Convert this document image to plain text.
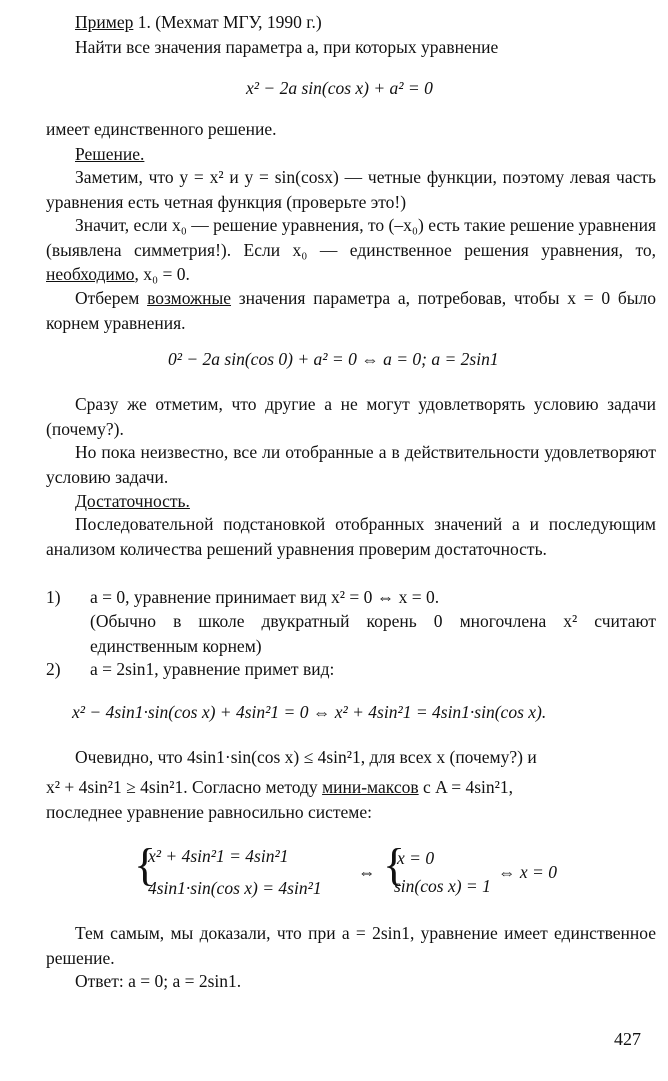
Пример 1. (Мехмат МГУ, 1990 г.)

Найти все значения параметра a, при которых уравнение

x² − 2a sin(cos x) + a² = 0

имеет единственного решение.

Решение.

Заметим, что y = x² и y = sin(cosx) — четные функции, поэтому левая часть уравнения есть четная функция (проверьте это!)

Значит, если x₀ — решение уравнения, то (–x₀) есть такие решение уравнения (выявлена симметрия!). Если x₀ — единственное решения уравнения, то, необходимо, x₀ = 0.

Отберем возможные значения параметра a, потребовав, чтобы x = 0 было корнем уравнения.

0² − 2a sin(cos 0) + a² = 0 ⇔ a = 0; a = 2sin1

Сразу же отметим, что другие a не могут удовлетворять условию задачи (почему?).

Но пока неизвестно, все ли отобранные a в действительности удовлетворяют условию задачи.

Достаточность.

Последовательной подстановкой отобранных значений a и последующим анализом количества решений уравнения проверим достаточность.

1) a = 0, уравнение принимает вид x² = 0 ⇔ x = 0.
(Обычно в школе двукратный корень 0 многочлена x² считают единственным корнем)
2) a = 2sin1, уравнение примет вид:

x² − 4sin1·sin(cos x) + 4sin²1 = 0 ⇔ x² + 4sin²1 = 4sin1·sin(cos x).

Очевидно, что 4sin1·sin(cos x) ≤ 4sin²1, для всех x (почему?) и

x² + 4sin²1 ≥ 4sin²1. Согласно методу мини-максов с A = 4sin²1,

последнее уравнение равносильно системе:

{
x² + 4sin²1 = 4sin²1
4sin1·sin(cos x) = 4sin²1
⇔ {
x = 0
sin(cos x) = 1
⇔ x = 0

Тем самым, мы доказали, что при a = 2sin1, уравнение имеет единственное решение.

Ответ: a = 0; a = 2sin1.

427
